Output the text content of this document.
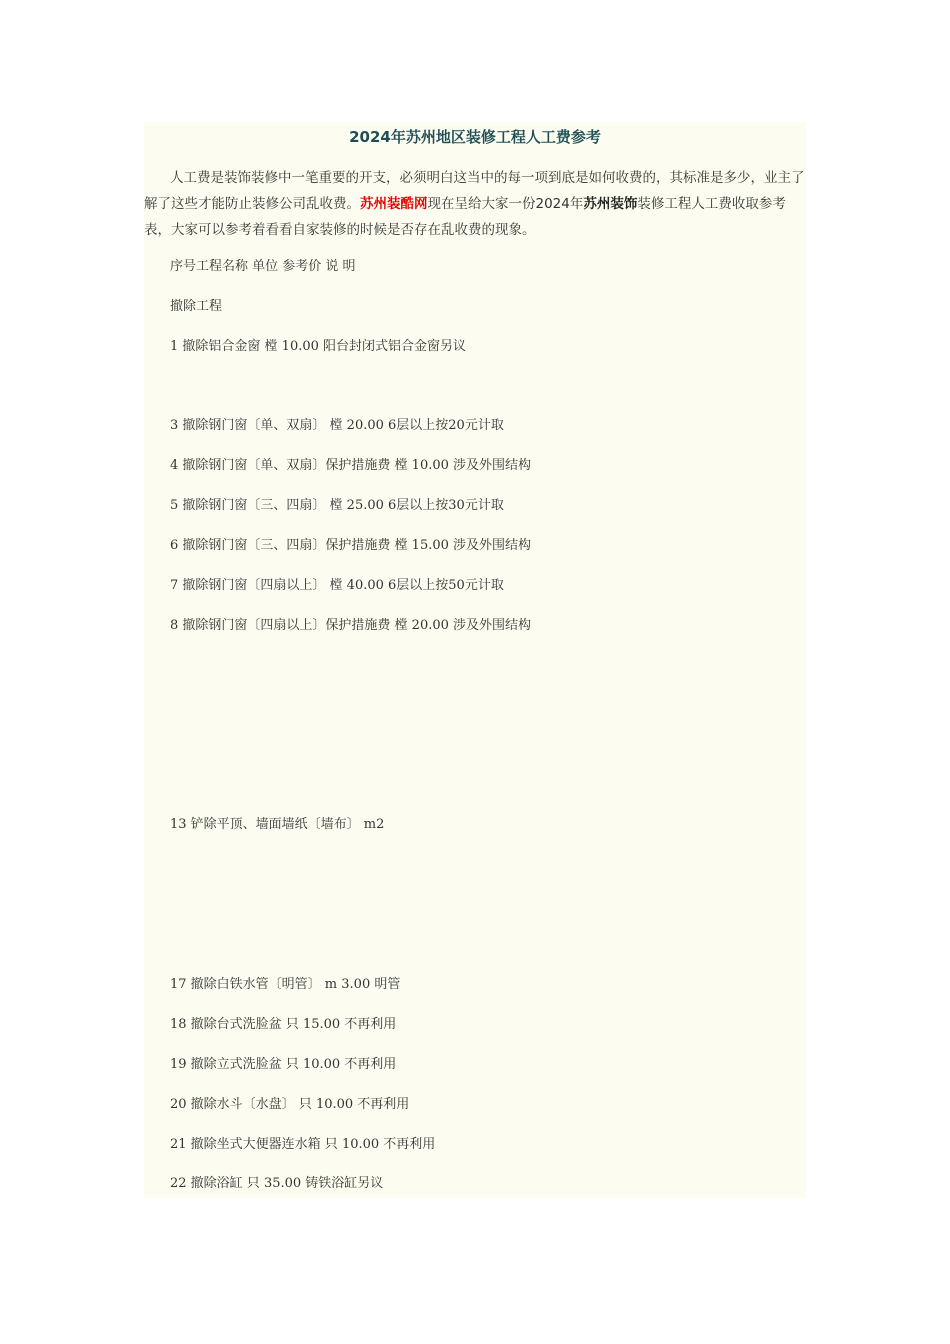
2024年苏州地区装修工程人工费参考

人工费是装饰装修中一笔重要的开支，必须明白这当中的每一项到底是如何收费的，其标准是多少，业主了解了这些才能防止装修公司乱收费。苏州装酷网现在呈给大家一份2024年苏州装饰装修工程人工费收取参考表，大家可以参考着看看自家装修的时候是否存在乱收费的现象。

序号工程名称 单位 参考价 说 明

撤除工程

1 撤除铝合金窗 樘 10.00 阳台封闭式铝合金窗另议

3 撤除钢门窗〔单、双扇〕 樘 20.00 6层以上按20元计取

4 撤除钢门窗〔单、双扇〕保护措施费 樘 10.00 涉及外围结构

5 撤除钢门窗〔三、四扇〕 樘 25.00 6层以上按30元计取

6 撤除钢门窗〔三、四扇〕保护措施费 樘 15.00 涉及外围结构

7 撤除钢门窗〔四扇以上〕 樘 40.00 6层以上按50元计取

8 撤除钢门窗〔四扇以上〕保护措施费 樘 20.00 涉及外围结构

13 铲除平顶、墙面墙纸〔墙布〕 m2

17 撤除白铁水管〔明管〕 m 3.00 明管

18 撤除台式洗脸盆 只 15.00 不再利用

19 撤除立式洗脸盆 只 10.00 不再利用

20 撤除水斗〔水盘〕 只 10.00 不再利用

21 撤除坐式大便器连水箱 只 10.00 不再利用

22 撤除浴缸 只 35.00 铸铁浴缸另议
